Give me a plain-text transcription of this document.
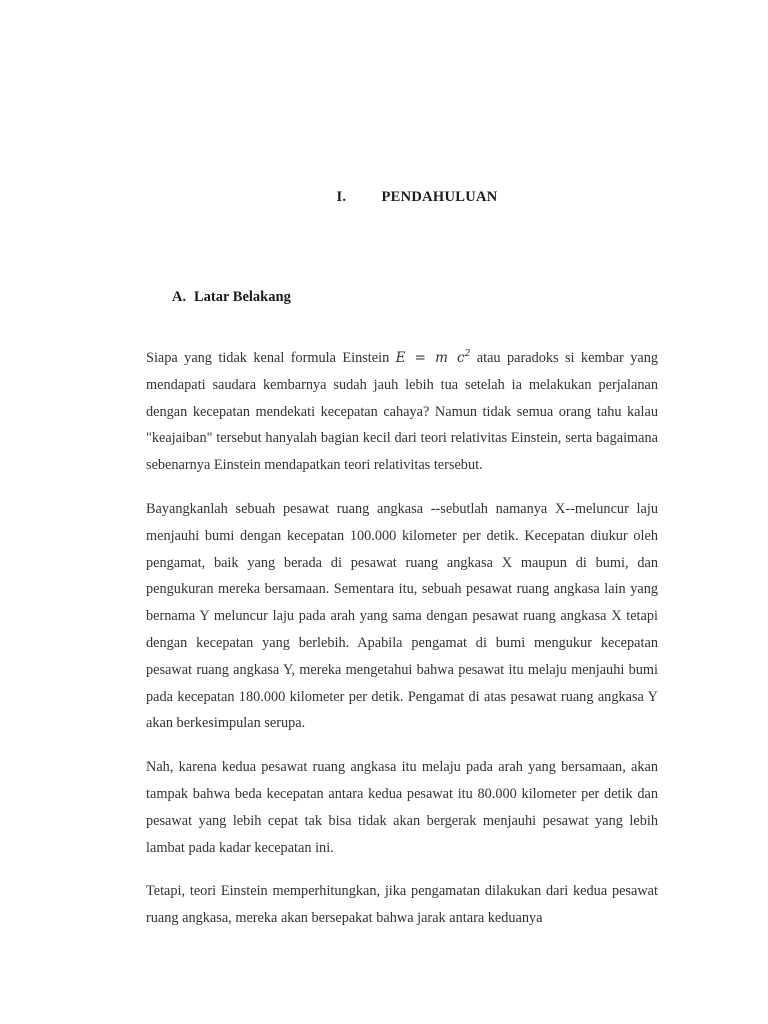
I. PENDAHULUAN
A. Latar Belakang

Siapa yang tidak kenal formula Einstein E = m $c^2$ atau paradoks si kembar yang mendapati saudara kembarnya sudah jauh lebih tua setelah ia melakukan perjalanan dengan kecepatan mendekati kecepatan cahaya? Namun tidak semua orang tahu kalau "keajaiban" tersebut hanyalah bagian kecil dari teori relativitas Einstein, serta bagaimana sebenarnya Einstein mendapatkan teori relativitas tersebut.

Bayangkanlah sebuah pesawat ruang angkasa --sebutlah namanya X--meluncur laju menjauhi bumi dengan kecepatan 100.000 kilometer per detik. Kecepatan diukur oleh pengamat, baik yang berada di pesawat ruang angkasa X maupun di bumi, dan pengukuran mereka bersamaan. Sementara itu, sebuah pesawat ruang angkasa lain yang bernama Y meluncur laju pada arah yang sama dengan pesawat ruang angkasa X tetapi dengan kecepatan yang berlebih. Apabila pengamat di bumi mengukur kecepatan pesawat ruang angkasa Y, mereka mengetahui bahwa pesawat itu melaju menjauhi bumi pada kecepatan 180.000 kilometer per detik. Pengamat di atas pesawat ruang angkasa Y akan berkesimpulan serupa.

Nah, karena kedua pesawat ruang angkasa itu melaju pada arah yang bersamaan, akan tampak bahwa beda kecepatan antara kedua pesawat itu 80.000 kilometer per detik dan pesawat yang lebih cepat tak bisa tidak akan bergerak menjauhi pesawat yang lebih lambat pada kadar kecepatan ini.

Tetapi, teori Einstein memperhitungkan, jika pengamatan dilakukan dari kedua pesawat ruang angkasa, mereka akan bersepakat bahwa jarak antara keduanya
